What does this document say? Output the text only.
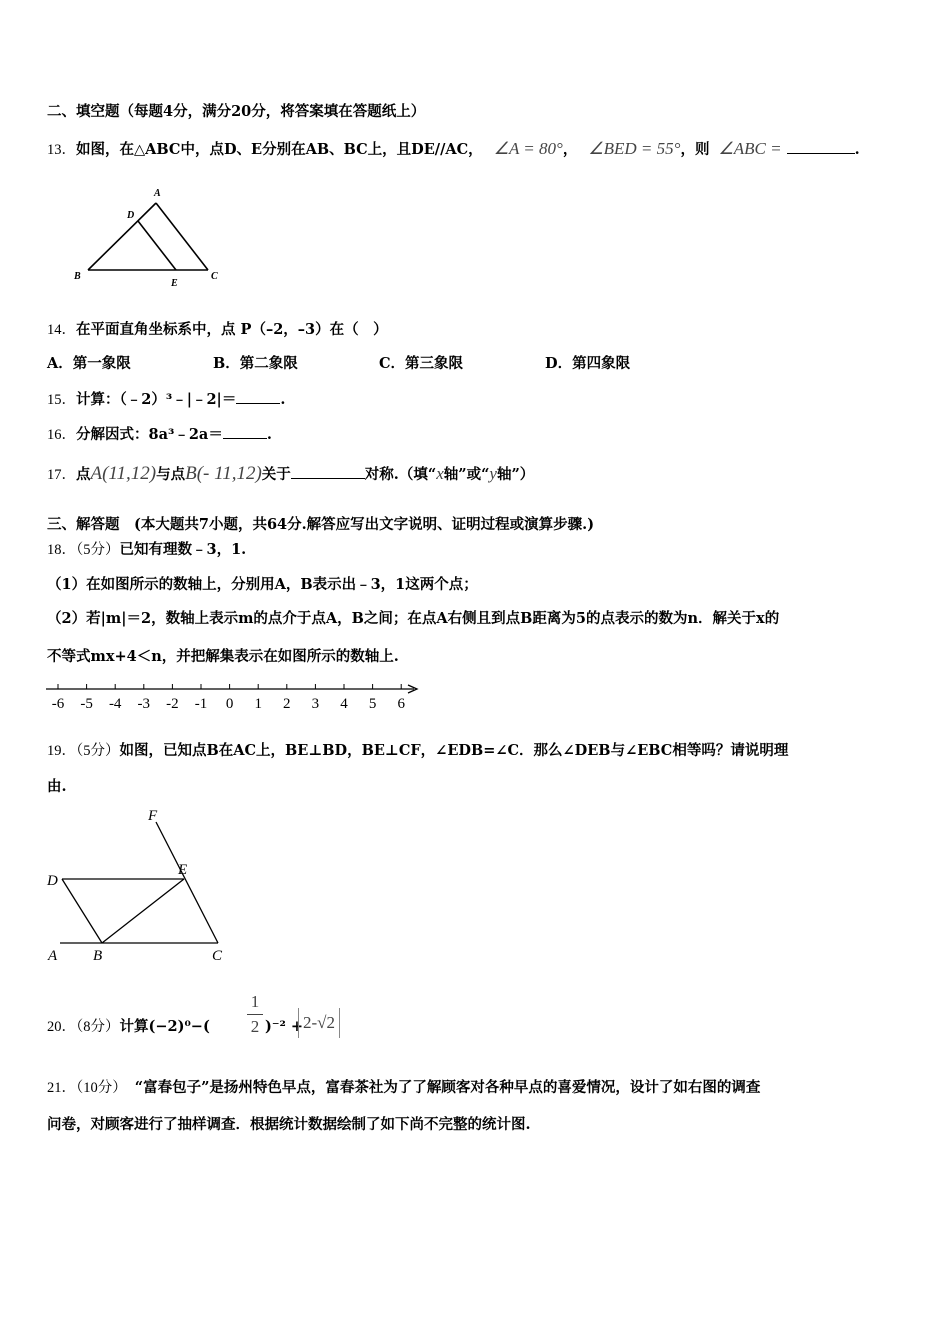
二、填空题（每题4分，满分20分，将答案填在答题纸上）
13．如图，在△ABC中，点D、E分别在AB、BC上，且DE//AC， ∠A = 80°， ∠BED = 55°，则 ∠ABC =	.
A
D
B
E
C
14．在平面直角坐标系中，点 P（–2，–3）在（　）
A．第一象限	B．第二象限	C．第三象限	D．第四象限
15．计算：（﹣2）³﹣|﹣2|＝	.
16．分解因式：8a³﹣2a＝	.
17．点A(11,12)与点B(- 11,12)关于	对称.（填“x轴”或“y轴”）
三、解答题　(本大题共7小题，共64分.解答应写出文字说明、证明过程或演算步骤.)
18．（5分）已知有理数﹣3，1.
（1）在如图所示的数轴上，分别用A，B表示出﹣3，1这两个点；
（2）若|m|＝2，数轴上表示m的点介于点A，B之间；在点A右侧且到点B距离为5的点表示的数为n．解关于x的
不等式mx+4＜n，并把解集表示在如图所示的数轴上.
-6 -5 -4 -3 -2 -1 0 1 2 3 4 5 6
19．（5分）如图，已知点B在AC上，BE⊥BD，BE⊥CF，∠EDB=∠C．那么∠DEB与∠EBC相等吗？请说明理
由.
F
E
D
A B	C
20．（8分）计算(−2)⁰−(
1
2 )⁻² + 2-√2
21．（10分） “富春包子”是扬州特色早点，富春茶社为了了解顾客对各种早点的喜爱情况，设计了如右图的调查
问卷，对顾客进行了抽样调查．根据统计数据绘制了如下尚不完整的统计图.
